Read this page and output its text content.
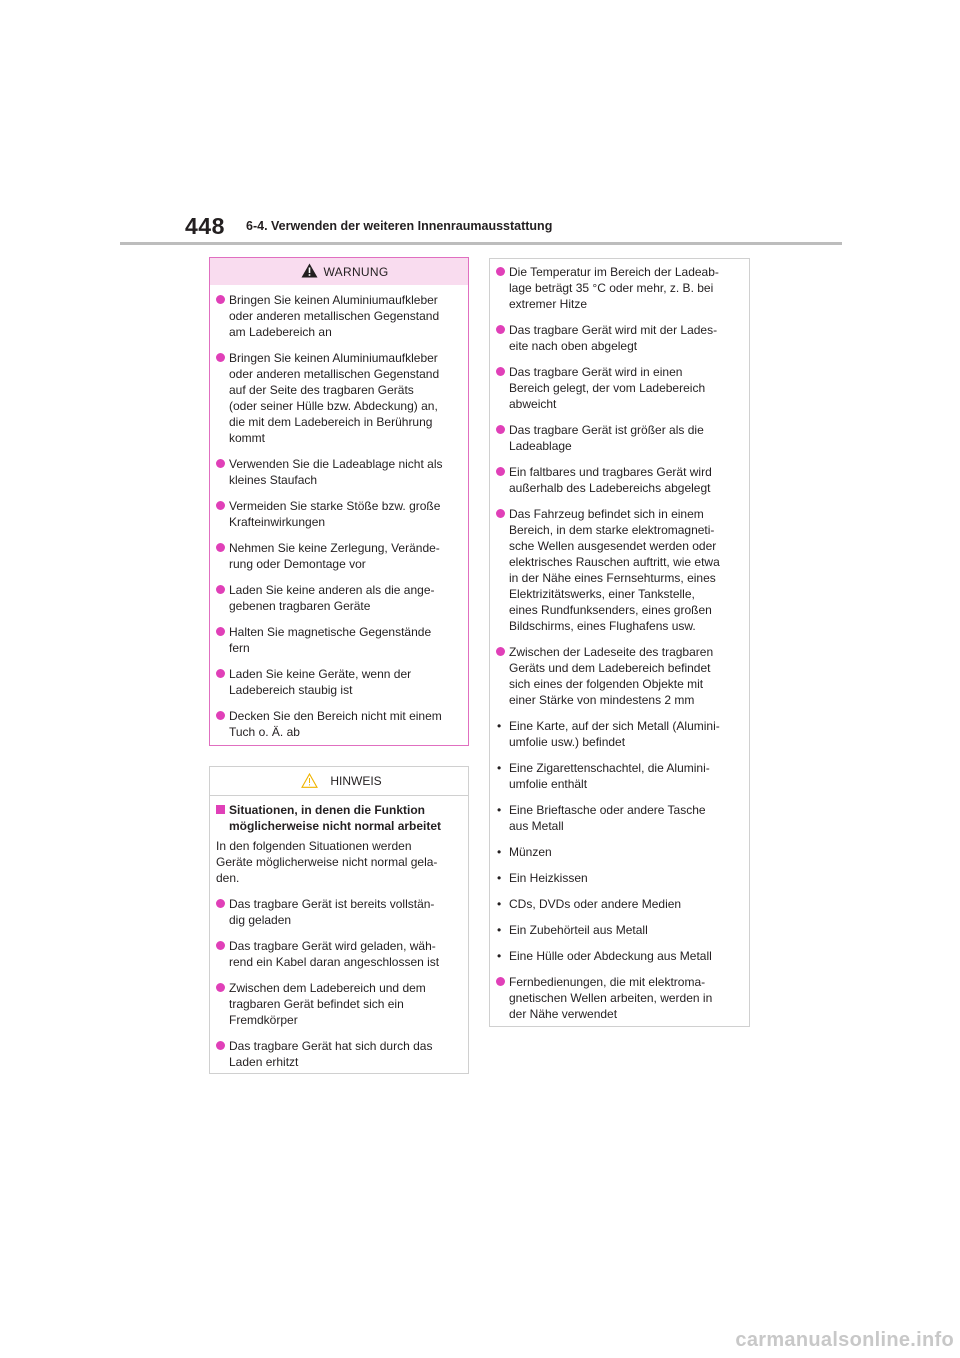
448 6-4. Verwenden der weiteren Innenraumausstattung
WARNUNG
Bringen Sie keinen Aluminiumaufkleber
oder anderen metallischen Gegenstand
am Ladebereich an
Bringen Sie keinen Aluminiumaufkleber
oder anderen metallischen Gegenstand
auf der Seite des tragbaren Geräts
(oder seiner Hülle bzw. Abdeckung) an,
die mit dem Ladebereich in Berührung
kommt
Verwenden Sie die Ladeablage nicht als
kleines Staufach
Vermeiden Sie starke Stöße bzw. große
Krafteinwirkungen
Nehmen Sie keine Zerlegung, Verände-
rung oder Demontage vor
Laden Sie keine anderen als die ange-
gebenen tragbaren Geräte
Halten Sie magnetische Gegenstände
fern
Laden Sie keine Geräte, wenn der
Ladebereich staubig ist
Decken Sie den Bereich nicht mit einem
Tuch o. Ä. ab
HINWEIS
Situationen, in denen die Funktion
möglicherweise nicht normal arbeitet
In den folgenden Situationen werden
Geräte möglicherweise nicht normal gela-
den.
Das tragbare Gerät ist bereits vollstän-
dig geladen
Das tragbare Gerät wird geladen, wäh-
rend ein Kabel daran angeschlossen ist
Zwischen dem Ladebereich und dem
tragbaren Gerät befindet sich ein
Fremdkörper
Das tragbare Gerät hat sich durch das
Laden erhitzt
Die Temperatur im Bereich der Ladeab-
lage beträgt 35 °C oder mehr, z. B. bei
extremer Hitze
Das tragbare Gerät wird mit der Lades-
eite nach oben abgelegt
Das tragbare Gerät wird in einen
Bereich gelegt, der vom Ladebereich
abweicht
Das tragbare Gerät ist größer als die
Ladeablage
Ein faltbares und tragbares Gerät wird
außerhalb des Ladebereichs abgelegt
Das Fahrzeug befindet sich in einem
Bereich, in dem starke elektromagneti-
sche Wellen ausgesendet werden oder
elektrisches Rauschen auftritt, wie etwa
in der Nähe eines Fernsehturms, eines
Elektrizitätswerks, einer Tankstelle,
eines Rundfunksenders, eines großen
Bildschirms, eines Flughafens usw.
Zwischen der Ladeseite des tragbaren
Geräts und dem Ladebereich befindet
sich eines der folgenden Objekte mit
einer Stärke von mindestens 2 mm
• Eine Karte, auf der sich Metall (Alumini-
umfolie usw.) befindet
• Eine Zigarettenschachtel, die Alumini-
umfolie enthält
• Eine Brieftasche oder andere Tasche
aus Metall
• Münzen
• Ein Heizkissen
• CDs, DVDs oder andere Medien
• Ein Zubehörteil aus Metall
• Eine Hülle oder Abdeckung aus Metall
Fernbedienungen, die mit elektroma-
gnetischen Wellen arbeiten, werden in
der Nähe verwendet
carmanualsonline.info
